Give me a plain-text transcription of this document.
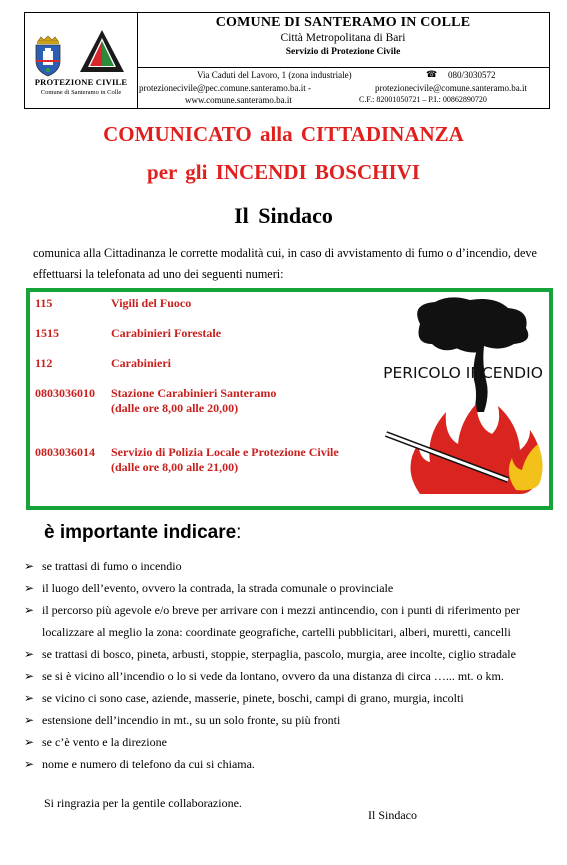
PROTEZIONE CIVILE
Comune di Santeramo in Colle
COMUNE DI SANTERAMO IN COLLE
Città Metropolitana di Bari
Servizio di Protezione Civile
Via Caduti del Lavoro, 1 (zona industriale)	☎ 080/3030572
protezionecivile@pec.comune.santeramo.ba.it -	protezionecivile@comune.santeramo.ba.it
www.comune.santeramo.ba.it	C.F.: 82001050721 – P.I.: 00862890720
COMUNICATO alla CITTADINANZA
per gli INCENDI BOSCHIVI
Il Sindaco
comunica alla Cittadinanza le corrette modalità cui, in caso di avvistamento di fumo o d’incendio, deve effettuarsi la telefonata ad uno dei seguenti numeri:
115	Vigili del Fuoco
1515	Carabinieri Forestale
112	Carabinieri
0803036010 Stazione Carabinieri Santeramo
(dalle ore 8,00 alle 20,00)
0803036014 Servizio di Polizia Locale e Protezione Civile
(dalle ore 8,00 alle 21,00)
PERICOLO INCENDIO
è importante indicare:
➢ se trattasi di fumo o incendio
➢ il luogo dell’evento, ovvero la contrada, la strada comunale o provinciale
➢ il percorso più agevole e/o breve per arrivare con i mezzi antincendio, con i punti di riferimento per localizzare al meglio la zona: coordinate geografiche, cartelli pubblicitari, alberi, muretti, cancelli
➢ se trattasi di bosco, pineta, arbusti, stoppie, sterpaglia, pascolo, murgia, aree incolte, ciglio stradale
➢ se si è vicino all’incendio o lo si vede da lontano, ovvero da una distanza di circa …... mt. o km.
➢ se vicino ci sono case, aziende, masserie, pinete, boschi, campi di grano, murgia, incolti
➢ estensione dell’incendio in mt., su un solo fronte, su più fronti
➢ se c’è vento e la direzione
➢ nome e numero di telefono da cui si chiama.
Si ringrazia per la gentile collaborazione.
Il Sindaco
